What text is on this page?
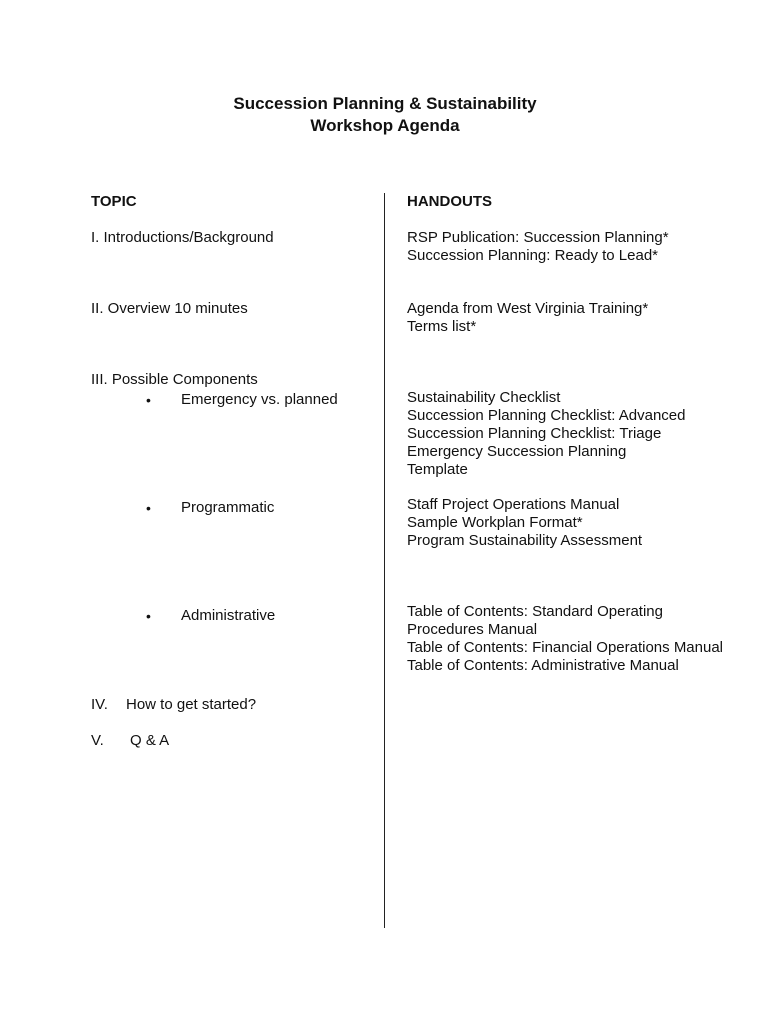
Succession Planning & Sustainability
Workshop Agenda
TOPIC	HANDOUTS
I. Introductions/Background
II. Overview 10 minutes
III. Possible Components
• Emergency vs. planned
• Programmatic
• Administrative
IV. How to get started?
V. Q & A
RSP Publication: Succession Planning*
Succession Planning: Ready to Lead*
Agenda from West Virginia Training*
Terms list*
Sustainability Checklist
Succession Planning Checklist: Advanced
Succession Planning Checklist: Triage
Emergency Succession Planning
Template
Staff Project Operations Manual
Sample Workplan Format*
Program Sustainability Assessment
Table of Contents: Standard Operating
Procedures Manual
Table of Contents: Financial Operations Manual
Table of Contents: Administrative Manual
